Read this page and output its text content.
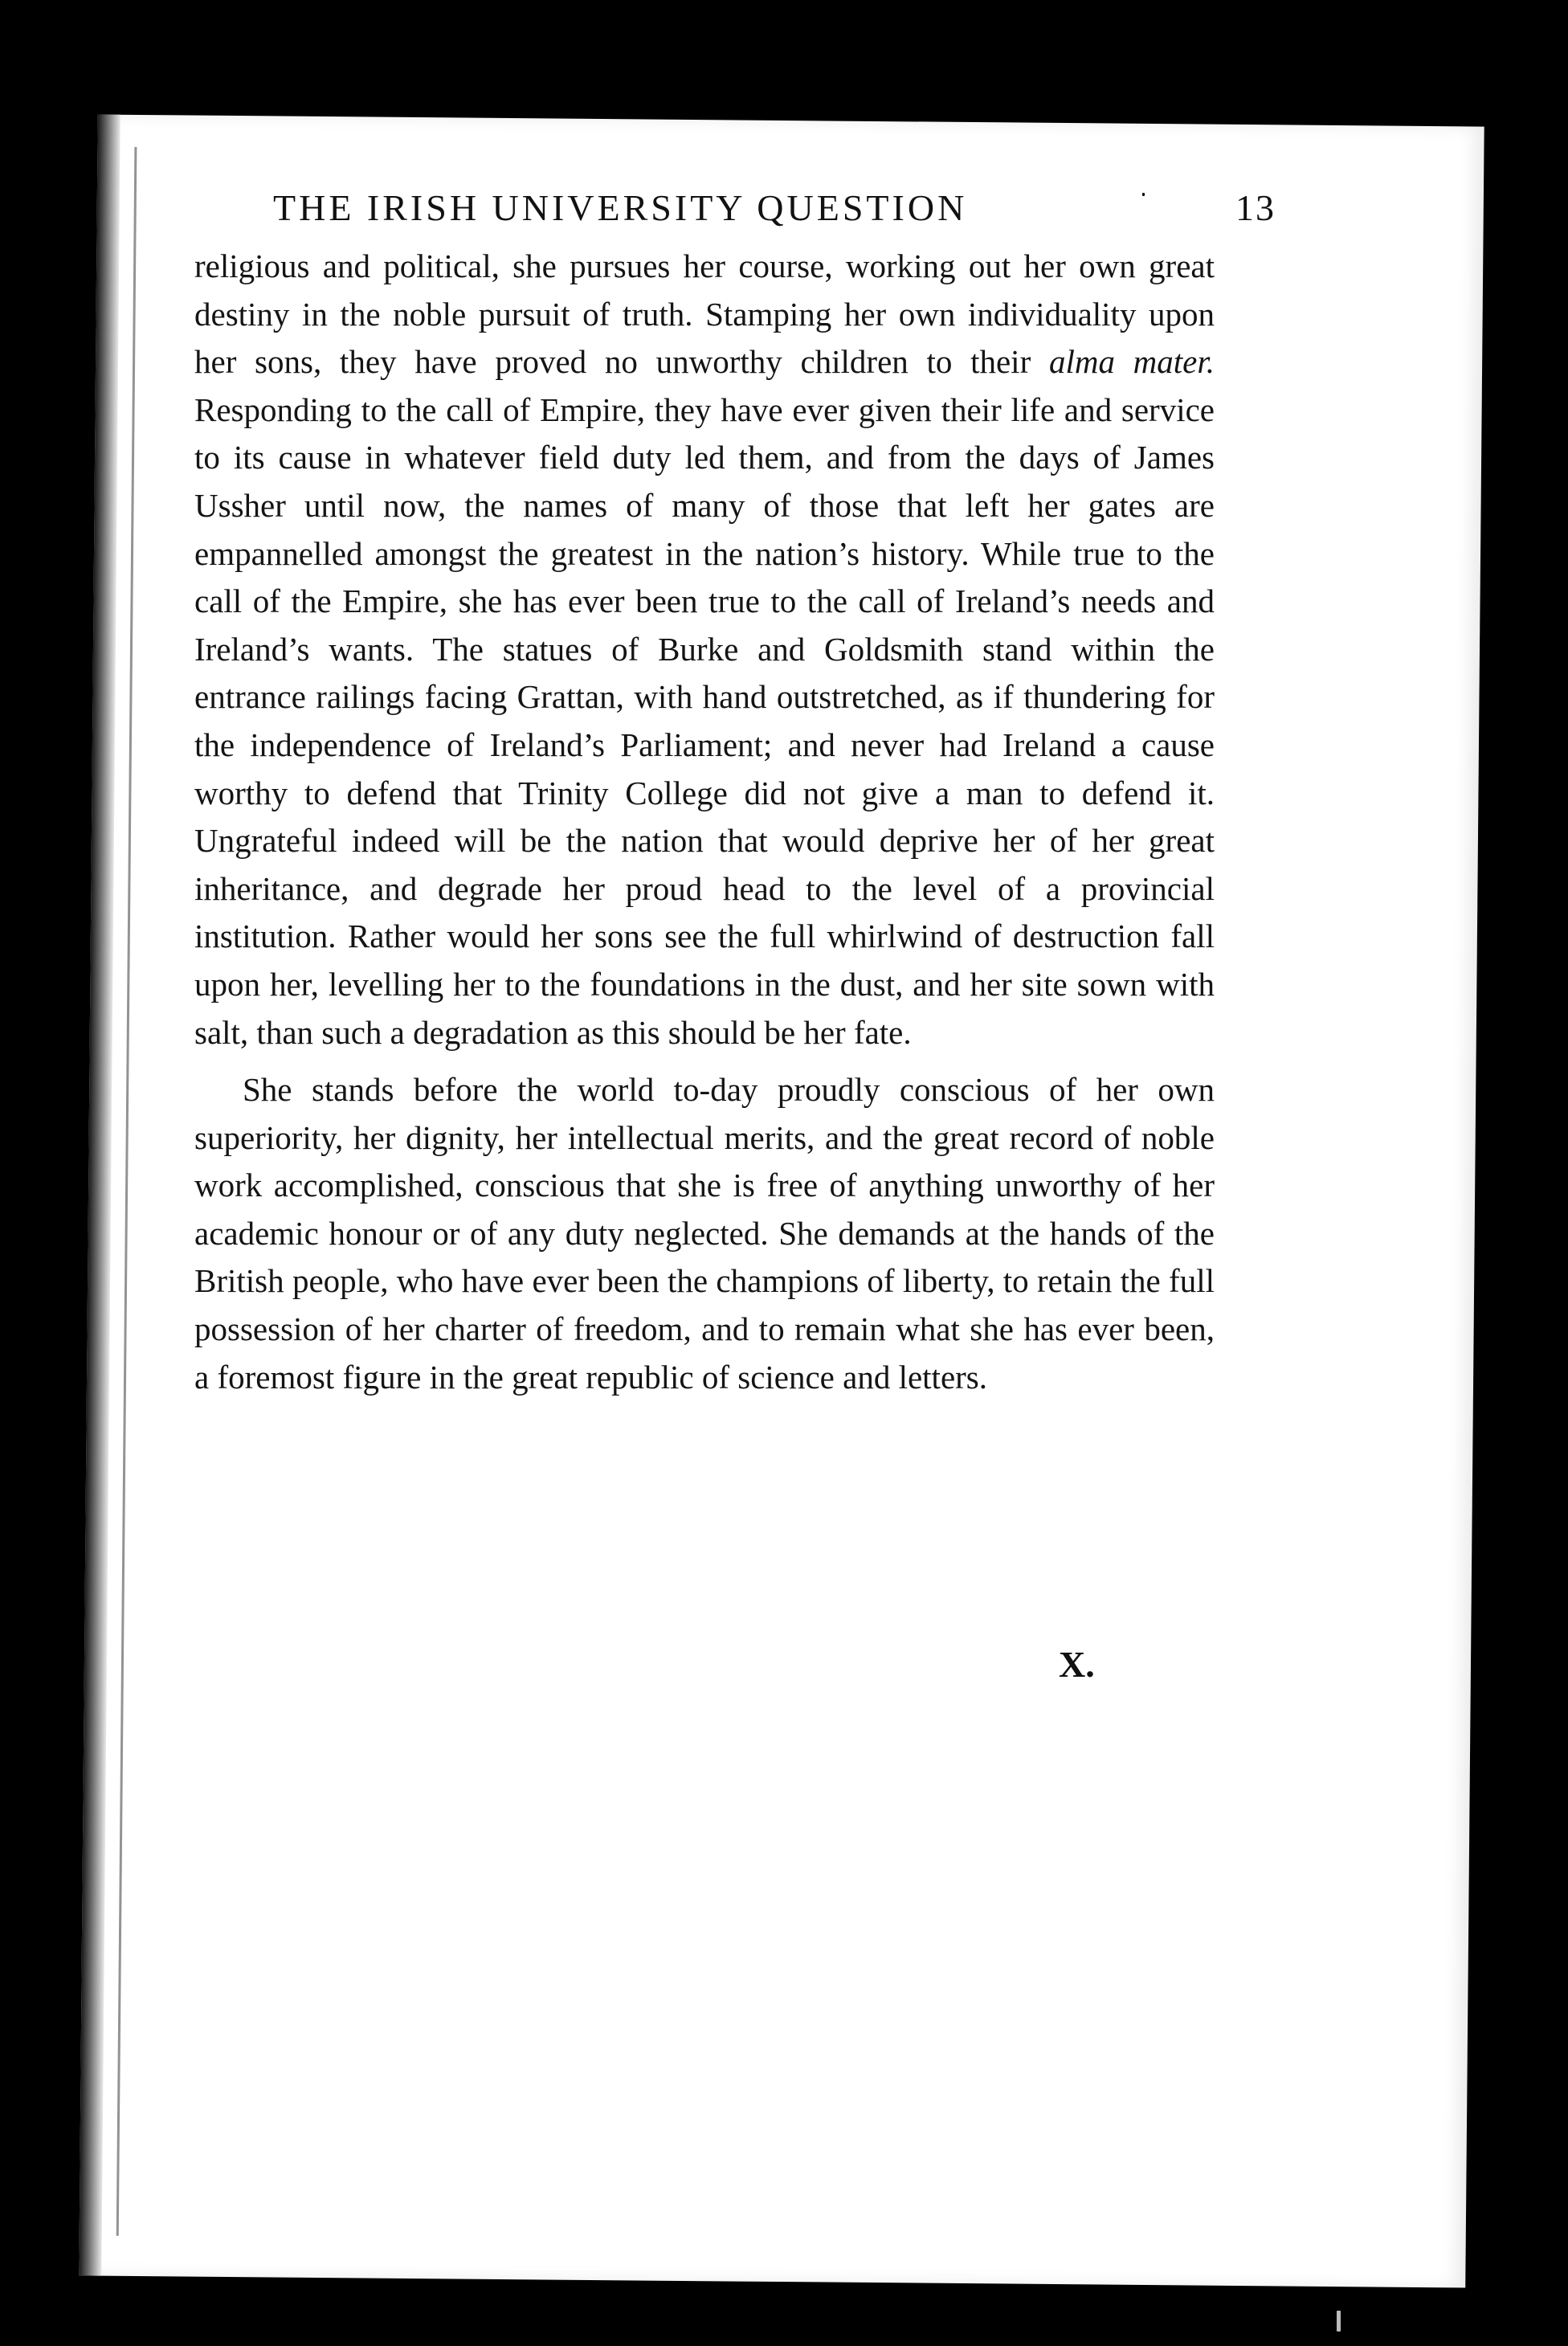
THE IRISH UNIVERSITY QUESTION	13

religious and political, she pursues her course, working out her own great destiny in the noble pursuit of truth. Stamping her own individuality upon her sons, they have proved no unworthy children to their alma mater. Responding to the call of Empire, they have ever given their life and service to its cause in whatever field duty led them, and from the days of James Ussher until now, the names of many of those that left her gates are empannelled amongst the greatest in the nation’s history. While true to the call of the Empire, she has ever been true to the call of Ireland’s needs and Ireland’s wants. The statues of Burke and Goldsmith stand within the entrance railings facing Grattan, with hand outstretched, as if thundering for the independence of Ireland’s Parliament; and never had Ireland a cause worthy to defend that Trinity College did not give a man to defend it. Ungrateful indeed will be the nation that would deprive her of her great inheritance, and degrade her proud head to the level of a provincial institution. Rather would her sons see the full whirlwind of destruction fall upon her, levelling her to the foundations in the dust, and her site sown with salt, than such a degradation as this should be her fate.

She stands before the world to-day proudly conscious of her own superiority, her dignity, her intellectual merits, and the great record of noble work accomplished, conscious that she is free of anything unworthy of her academic honour or of any duty neglected. She demands at the hands of the British people, who have ever been the champions of liberty, to retain the full possession of her charter of freedom, and to remain what she has ever been, a foremost figure in the great republic of science and letters.

X.
